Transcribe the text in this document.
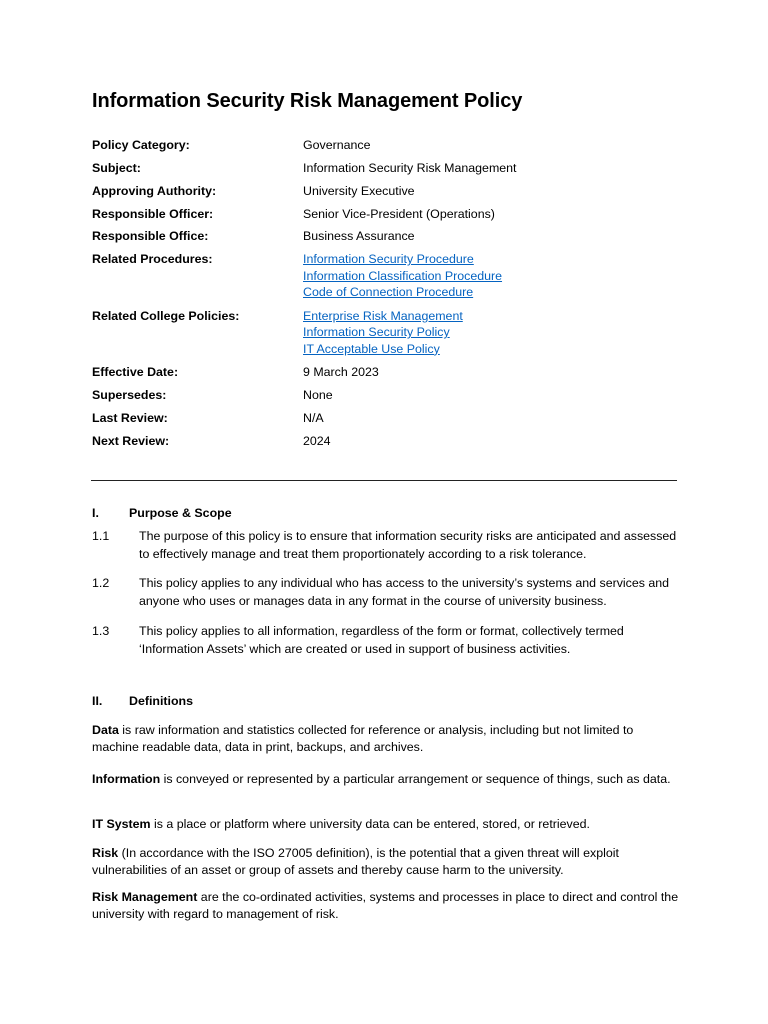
Information Security Risk Management Policy
Policy Category:	Governance
Subject:	Information Security Risk Management
Approving Authority:	University Executive
Responsible Officer:	Senior Vice-President (Operations)
Responsible Office:	Business Assurance
Related Procedures:	Information Security Procedure
Information Classification Procedure
Code of Connection Procedure
Related College Policies:	Enterprise Risk Management
Information Security Policy
IT Acceptable Use Policy
Effective Date:	9 March 2023
Supersedes:	None
Last Review:	N/A
Next Review:	2024
I. Purpose & Scope
1.1 The purpose of this policy is to ensure that information security risks are anticipated and assessed to effectively manage and treat them proportionately according to a risk tolerance.
1.2 This policy applies to any individual who has access to the university’s systems and services and anyone who uses or manages data in any format in the course of university business.
1.3 This policy applies to all information, regardless of the form or format, collectively termed ‘Information Assets’ which are created or used in support of business activities.
II. Definitions
Data is raw information and statistics collected for reference or analysis, including but not limited to machine readable data, data in print, backups, and archives.
Information is conveyed or represented by a particular arrangement or sequence of things, such as data.
IT System is a place or platform where university data can be entered, stored, or retrieved.
Risk (In accordance with the ISO 27005 definition), is the potential that a given threat will exploit vulnerabilities of an asset or group of assets and thereby cause harm to the university.
Risk Management are the co-ordinated activities, systems and processes in place to direct and control the university with regard to management of risk.
